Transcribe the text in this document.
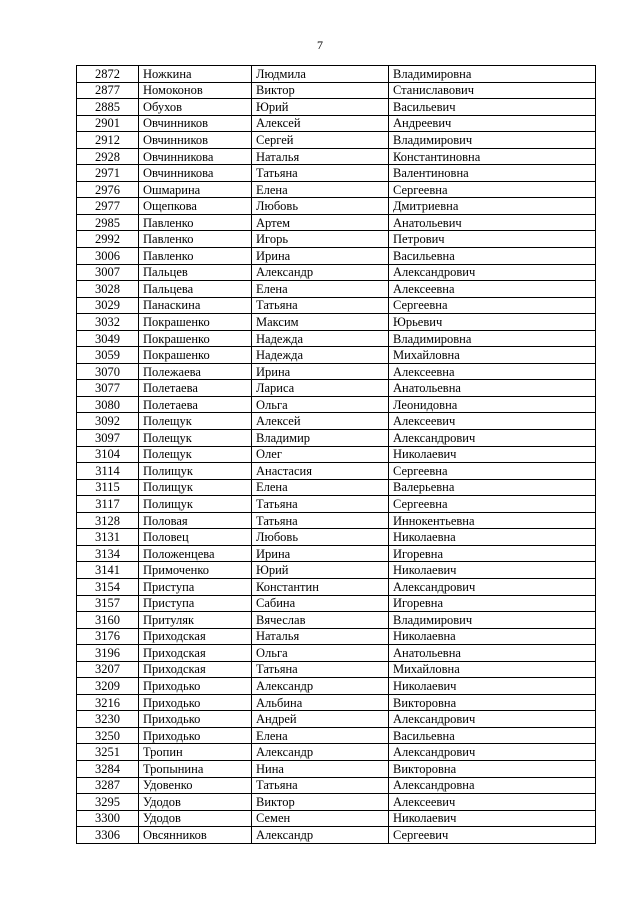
7
2872	Ножкина	Людмила	Владимировна
2877	Номоконов	Виктор	Станиславович
2885	Обухов	Юрий	Васильевич
2901	Овчинников	Алексей	Андреевич
2912	Овчинников	Сергей	Владимирович
2928	Овчинникова	Наталья	Константиновна
2971	Овчинникова	Татьяна	Валентиновна
2976	Ошмарина	Елена	Сергеевна
2977	Ощепкова	Любовь	Дмитриевна
2985	Павленко	Артем	Анатольевич
2992	Павленко	Игорь	Петрович
3006	Павленко	Ирина	Васильевна
3007	Пальцев	Александр	Александрович
3028	Пальцева	Елена	Алексеевна
3029	Панаскина	Татьяна	Сергеевна
3032	Покрашенко	Максим	Юрьевич
3049	Покрашенко	Надежда	Владимировна
3059	Покрашенко	Надежда	Михайловна
3070	Полежаева	Ирина	Алексеевна
3077	Полетаева	Лариса	Анатольевна
3080	Полетаева	Ольга	Леонидовна
3092	Полещук	Алексей	Алексеевич
3097	Полещук	Владимир	Александрович
3104	Полещук	Олег	Николаевич
3114	Полищук	Анастасия	Сергеевна
3115	Полищук	Елена	Валерьевна
3117	Полищук	Татьяна	Сергеевна
3128	Половая	Татьяна	Иннокентьевна
3131	Половец	Любовь	Николаевна
3134	Положенцева	Ирина	Игоревна
3141	Примоченко	Юрий	Николаевич
3154	Приступа	Константин	Александрович
3157	Приступа	Сабина	Игоревна
3160	Притуляк	Вячеслав	Владимирович
3176	Приходская	Наталья	Николаевна
3196	Приходская	Ольга	Анатольевна
3207	Приходская	Татьяна	Михайловна
3209	Приходько	Александр	Николаевич
3216	Приходько	Альбина	Викторовна
3230	Приходько	Андрей	Александрович
3250	Приходько	Елена	Васильевна
3251	Тропин	Александр	Александрович
3284	Тропынина	Нина	Викторовна
3287	Удовенко	Татьяна	Александровна
3295	Удодов	Виктор	Алексеевич
3300	Удодов	Семен	Николаевич
3306	Овсянников	Александр	Сергеевич
